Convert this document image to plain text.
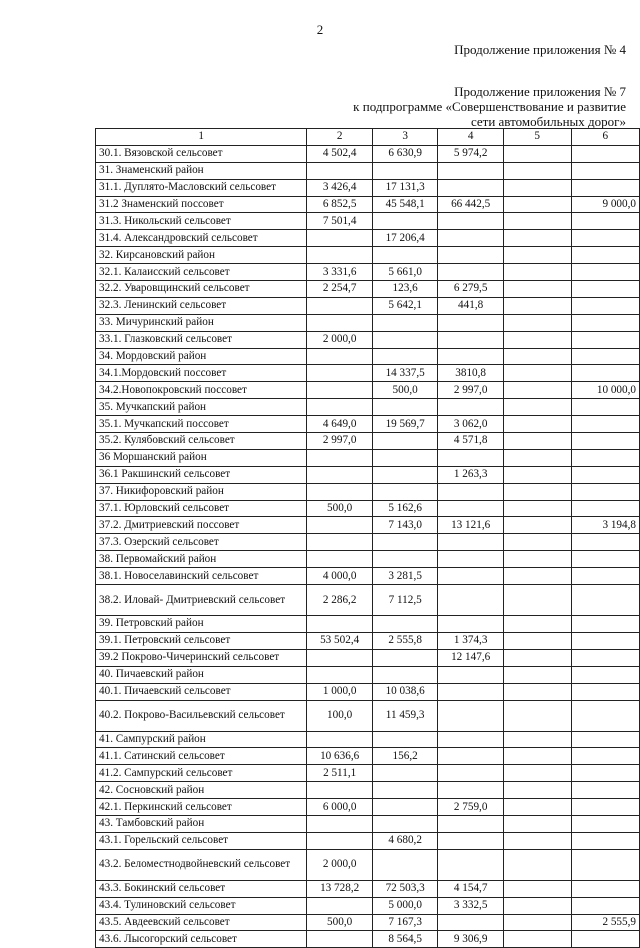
2
Продолжение приложения № 4
Продолжение приложения № 7
к подпрограмме «Совершенствование и развитие
сети автомобильных дорог»
1	2	3	4	5	6
30.1. Вязовской сельсовет	4 502,4	6 630,9	5 974,2		
31. Знаменский район					
31.1. Дуплято-Масловский сельсовет	3 426,4	17 131,3			
31.2 Знаменский поссовет	6 852,5	45 548,1	66 442,5		9 000,0
31.3. Никольский сельсовет	7 501,4				
31.4. Александровский сельсовет		17 206,4			
32. Кирсановский район					
32.1. Калаисский сельсовет	3 331,6	5 661,0			
32.2. Уваровщинский сельсовет	2 254,7	123,6	6 279,5		
32.3. Ленинский сельсовет		5 642,1	441,8		
33. Мичуринский район					
33.1. Глазковский сельсовет	2 000,0				
34. Мордовский район					
34.1.Мордовский поссовет		14 337,5	3810,8		
34.2.Новопокровский поссовет		500,0	2 997,0		10 000,0
35. Мучкапский район					
35.1. Мучкапский поссовет	4 649,0	19 569,7	3 062,0		
35.2. Кулябовский сельсовет	2 997,0		4 571,8		
36 Моршанский район					
36.1 Ракшинский сельсовет			1 263,3		
37. Никифоровский район					
37.1. Юрловский сельсовет	500,0	5 162,6			
37.2. Дмитриевский поссовет		7 143,0	13 121,6		3 194,8
37.3. Озерский сельсовет					
38. Первомайский район					
38.1. Новоселавинский сельсовет	4 000,0	3 281,5			
38.2. Иловай- Дмитриевский сельсовет	2 286,2	7 112,5			
39. Петровский район					
39.1. Петровский сельсовет	53 502,4	2 555,8	1 374,3		
39.2 Покрово-Чичеринский сельсовет			12 147,6		
40. Пичаевский район					
40.1. Пичаевский сельсовет	1 000,0	10 038,6			
40.2. Покрово-Васильевский сельсовет	100,0	11 459,3			
41. Сампурский район					
41.1. Сатинский сельсовет	10 636,6	156,2			
41.2. Сампурский сельсовет	2 511,1				
42. Сосновский район					
42.1. Перкинский сельсовет	6 000,0		2 759,0		
43. Тамбовский район					
43.1. Горельский сельсовет		4 680,2			
43.2. Беломестнодвойневский сельсовет	2 000,0				
43.3. Бокинский сельсовет	13 728,2	72 503,3	4 154,7		
43.4. Тулиновский сельсовет		5 000,0	3 332,5		
43.5. Авдеевский сельсовет	500,0	7 167,3			2 555,9
43.6. Лысогорский сельсовет		8 564,5	9 306,9		
